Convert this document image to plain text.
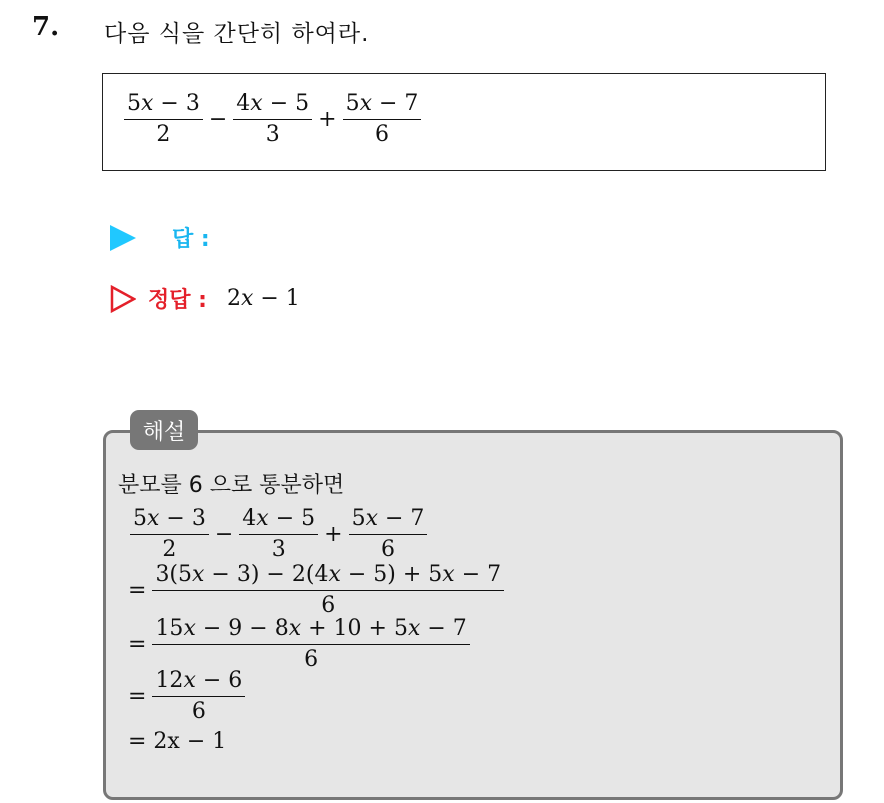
7. 다음 식을 간단히 하여라.
$\frac{5x - 3}{2} - \frac{4x - 5}{3} + \frac{5x - 7}{6}$
답 :
정답 : 2x − 1
해설
분모를 6 으로 통분하면
$\frac{5x - 3}{2} - \frac{4x - 5}{3} + \frac{5x - 7}{6}$
= $\frac{3(5x - 3) - 2(4x - 5) + 5x - 7}{6}$
= $\frac{15x - 9 - 8x + 10 + 5x - 7}{6}$
= $\frac{12x - 6}{6}$
= 2x − 1
